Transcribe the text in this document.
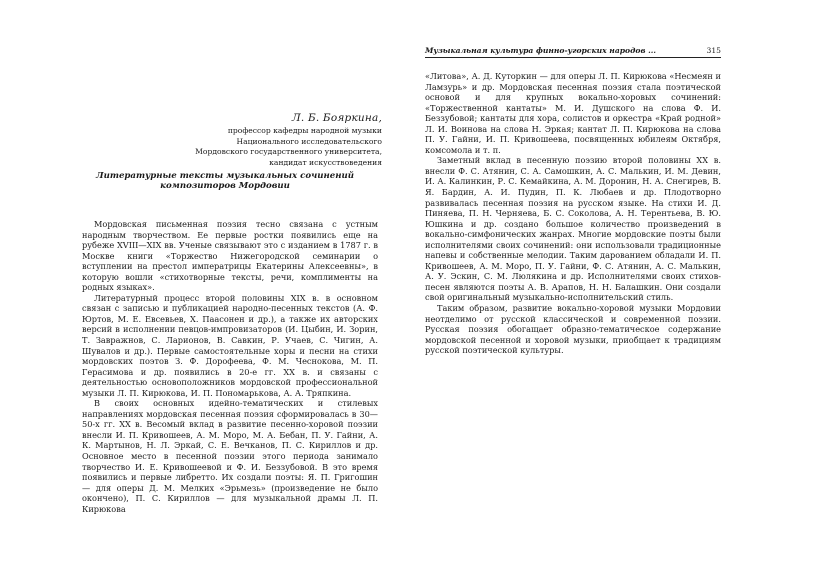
Л. Б. Бояркина,
профессор кафедры народной музыки
Национального исследовательского
Мордовского государственного университета,
кандидат искусствоведения
Литературные тексты музыкальных сочинений
композиторов Мордовии

Мордовская письменная поэзия тесно связана с устным народным творчеством. Ее первые ростки появились еще на рубеже XVIII—XIX вв. Ученые связывают это с изданием в 1787 г. в Москве книги «Торжество Нижегородской семинарии о вступлении на престол императрицы Екатерины Алексеевны», в которую вошли «стихотворные тексты, речи, комплименты на родных языках».

Литературный процесс второй половины XIX в. в основном связан с записью и публикацией народно-песенных текстов (А. Ф. Юртов, М. Е. Евсевьев, Х. Паасонен и др.), а также их авторских версий в исполнении певцов-импровизаторов (И. Цыбин, И. Зорин, Т. Завражнов, С. Ларионов, В. Савкин, Р. Учаев, С. Чигин, А. Шувалов и др.). Первые самостоятельные хоры и песни на стихи мордовских поэтов З. Ф. Дорофеева, Ф. М. Чеснокова, М. П. Герасимова и др. появились в 20-е гг. XX в. и связаны с деятельностью основоположников мордовской профессиональной музыки Л. П. Кирюкова, И. П. Пономарькова, А. А. Тряпкина.

В своих основных идейно-тематических и стилевых направлениях мордовская песенная поэзия сформировалась в 30—50-х гг. XX в. Весомый вклад в развитие песенно-хоровой поэзии внесли И. П. Кривошеев, А. М. Моро, М. А. Бебан, П. У. Гайни, А. К. Мартынов, Н. Л. Эркай, С. Е. Вечканов, П. С. Кириллов и др. Основное место в песенной поэзии этого периода занимало творчество И. Е. Кривошеевой и Ф. И. Беззубовой. В это время появились и первые либретто. Их создали поэты: Я. П. Григошин — для оперы Д. М. Мелких «Эрьмезь» (произведение не было окончено), П. С. Кириллов — для музыкальной драмы Л. П. Кирюкова

Музыкальная культура финно-угорских народов ...	315

«Литова», А. Д. Куторкин — для оперы Л. П. Кирюкова «Несмеян и Ламзурь» и др. Мордовская песенная поэзия стала поэтической основой и для крупных вокально-хоровых сочинений: «Торжественной кантаты» М. И. Душского на слова Ф. И. Беззубовой; кантаты для хора, солистов и оркестра «Край родной» Л. И. Воинова на слова Н. Эркая; кантат Л. П. Кирюкова на слова П. У. Гайни, И. П. Кривошеева, посвященных юбилеям Октября, комсомола и т. п.

Заметный вклад в песенную поэзию второй половины XX в. внесли Ф. С. Атянин, С. А. Самошкин, А. С. Малькин, И. М. Девин, И. А. Калинкин, Р. С. Кемайкина, А. М. Доронин, Н. А. Снегирев, В. Я. Бардин, А. И. Пудин, П. К. Любаев и др. Плодотворно развивалась песенная поэзия на русском языке. На стихи И. Д. Пиняева, П. Н. Черняева, Б. С. Соколова, А. Н. Терентьева, В. Ю. Юшкина и др. создано большое количество произведений в вокально-симфонических жанрах. Многие мордовские поэты были исполнителями своих сочинений: они использовали традиционные напевы и собственные мелодии. Таким дарованием обладали И. П. Кривошеев, А. М. Моро, П. У. Гайни, Ф. С. Атянин, А. С. Малькин, А. У. Эскин, С. М. Люлякина и др. Исполнителями своих стихов-песен являются поэты А. В. Арапов, Н. Н. Балашкин. Они создали свой оригинальный музыкально-исполнительский стиль.

Таким образом, развитие вокально-хоровой музыки Мордовии неотделимо от русской классической и современной поэзии. Русская поэзия обогащает образно-тематическое содержание мордовской песенной и хоровой музыки, приобщает к традициям русской поэтической культуры.
